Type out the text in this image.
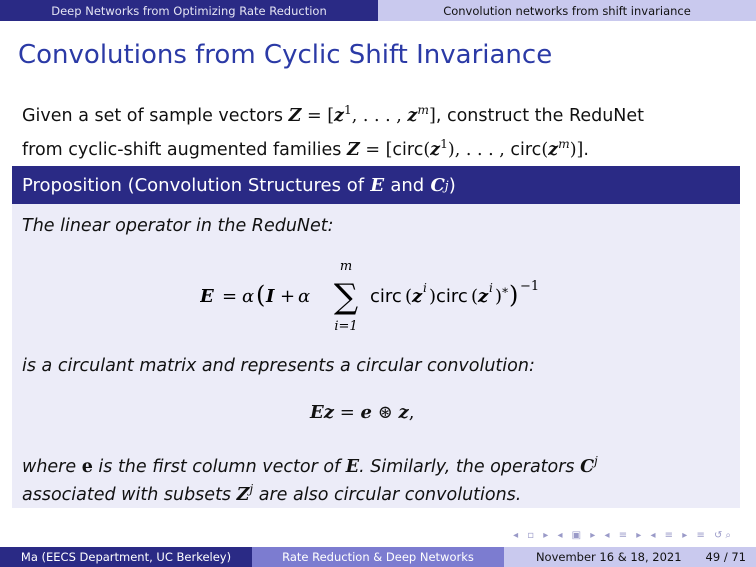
Deep Networks from Optimizing Rate Reduction	Convolution networks from shift invariance
Convolutions from Cyclic Shift Invariance
Given a set of sample vectors $Z = [z^1$, . . . , $z^m$], construct the ReduNet
from cyclic-shift augmented families $Z = [circ(z^1)$, . . . , $circ(z^m)$].
Proposition (Convolution Structures of E and C j )
The linear operator in the ReduNet:
E = α ( I + α
m
∑
i=1
circ ( z i ) circ ( z i )
∗ ) −1
is a circulant matrix and represents a circular convolution:
Ez = e ⊛ z,
where e is the first column vector of E. Similarly, the operators $C^j$
associated with subsets $Z^j$ are also circular convolutions.
◂ ▫ ▸ ◂ ▣ ▸ ◂ ≡ ▸ ◂ ≡ ▸ ≡ ↺⌕
Ma (EECS Department, UC Berkeley)	Rate Reduction & Deep Networks	November 16 & 18, 2021 49 / 71
